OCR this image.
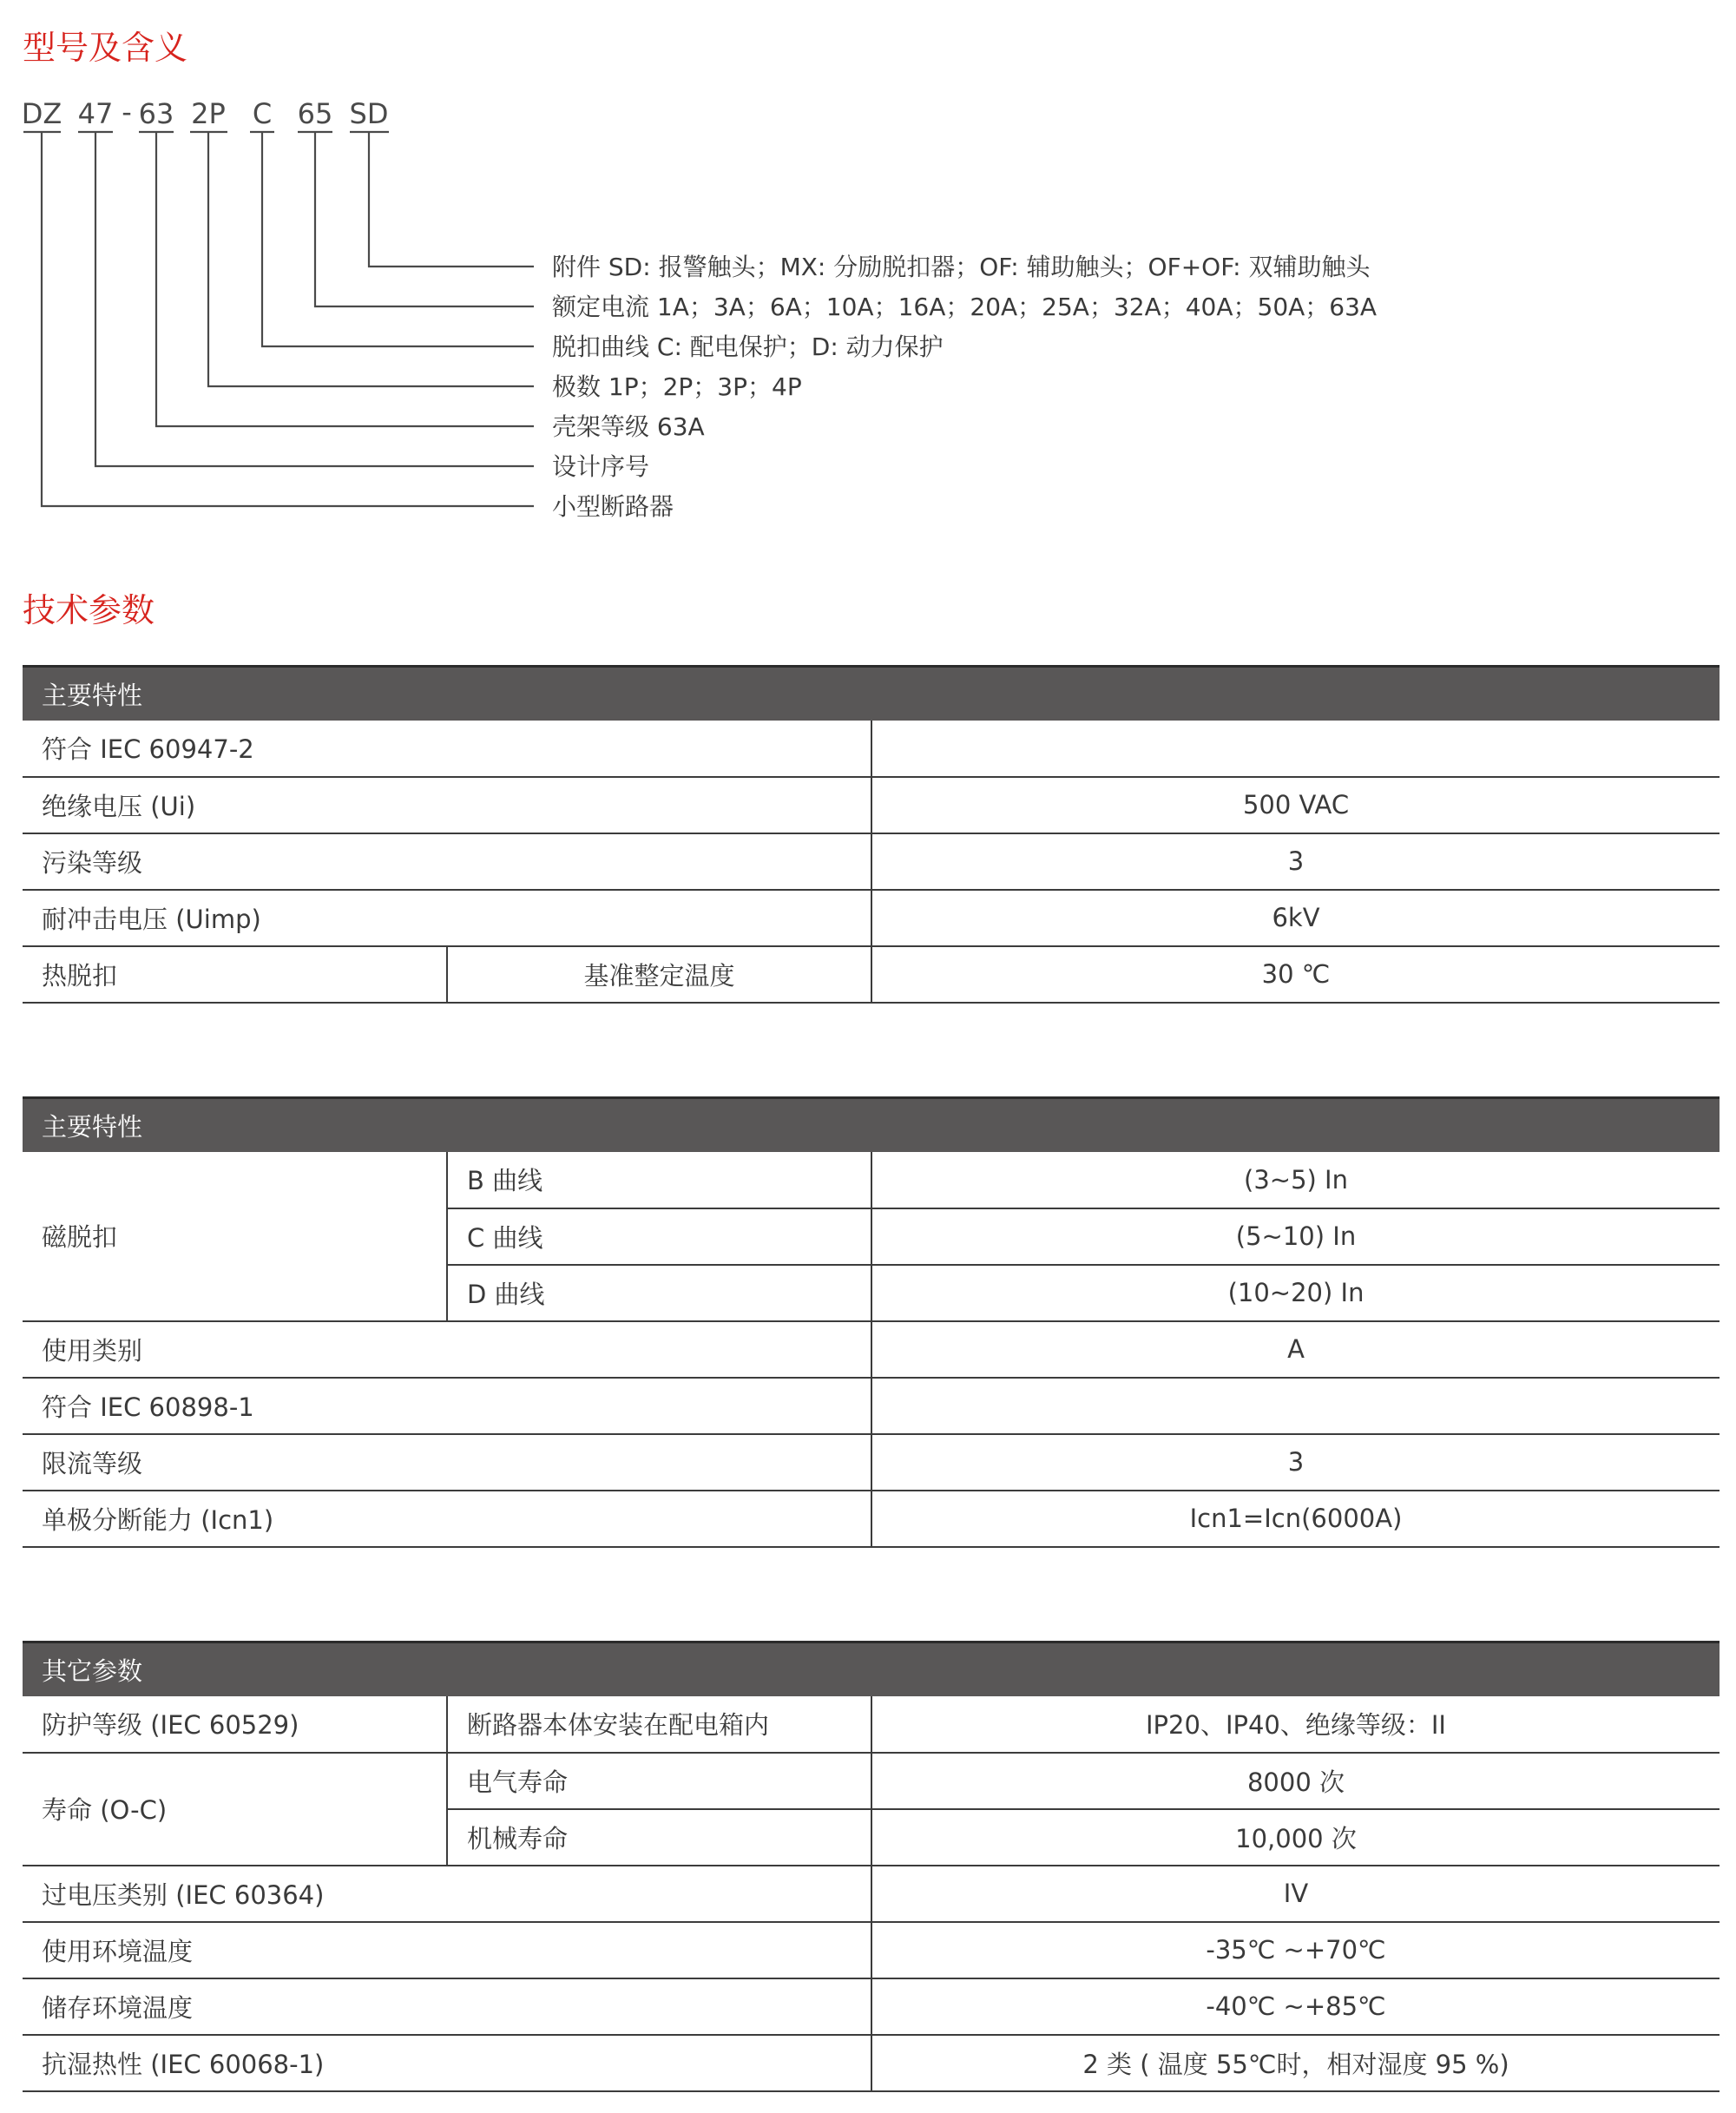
型号及含义
DZ 47 - 63 2P C 65 SD
附件 SD: 报警触头；MX: 分励脱扣器；OF: 辅助触头；OF+OF: 双辅助触头
额定电流 1A；3A；6A；10A；16A；20A；25A；32A；40A；50A；63A
脱扣曲线 C: 配电保护；D: 动力保护
极数 1P；2P；3P；4P
壳架等级 63A
设计序号
小型断路器
技术参数
主要特性		
符合 IEC 60947-2		
绝缘电压 (Ui)		500 VAC
污染等级		3
耐冲击电压 (Uimp)		6kV
热脱扣	基准整定温度	30 ℃
主要特性		
磁脱扣	B 曲线	(3~5) In
	C 曲线	(5~10) In
	D 曲线	(10~20) In
使用类别		A
符合 IEC 60898-1		
限流等级		3
单极分断能力 (Icn1)		Icn1=Icn(6000A)
其它参数		
防护等级 (IEC 60529)	断路器本体安装在配电箱内	IP20、IP40、绝缘等级：II
寿命 (O-C)	电气寿命	8000 次
	机械寿命	10,000 次
过电压类别 (IEC 60364)		IV
使用环境温度		-35℃ ~+70℃
储存环境温度		-40℃ ~+85℃
抗湿热性 (IEC 60068-1)		2 类 ( 温度 55℃时，相对湿度 95 %)
